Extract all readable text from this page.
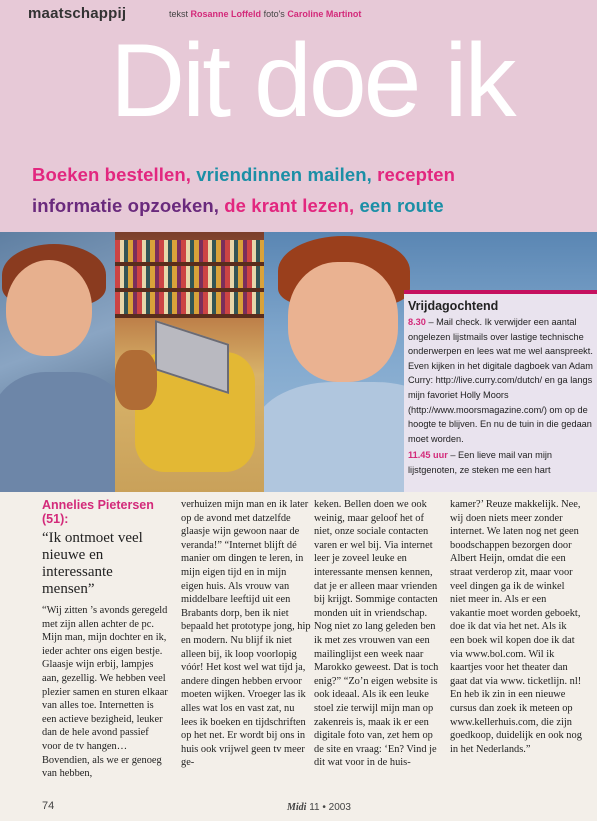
maatschappij	tekst Rosanne Loffeld foto's Caroline Martinot
Dit doe ik
Boeken bestellen, vriendinnen mailen, recepten
informatie opzoeken, de krant lezen, een route
Vrijdagochtend

8.30 – Mail check. Ik verwijder een aantal ongelezen lijstmails over lastige technische onderwerpen en lees wat me wel aanspreekt. Even kijken in het digitale dagboek van Adam Curry: http://live.curry.com/dutch/ en ga langs mijn favoriet Holly Moors (http://www.moorsmagazine.com/) om op de hoogte te blijven. En nu de tuin in die gedaan moet worden.

11.45 uur – Een lieve mail van mijn lijstgenoten, ze steken me een hart

Annelies Pietersen (51):

“Ik ontmoet veel nieuwe en interessante mensen”

“Wij zitten ’s avonds geregeld met zijn allen achter de pc. Mijn man, mijn dochter en ik, ieder achter ons eigen bestje. Glaasje wijn erbij, lampjes aan, gezellig. We hebben veel plezier samen en sturen elkaar van alles toe. Internetten is een actieve bezigheid, leuker dan de hele avond passief voor de tv hangen… Bovendien, als we er genoeg van hebben,

verhuizen mijn man en ik later op de avond met datzelfde glaasje wijn gewoon naar de veranda!” “Internet blijft dé manier om dingen te leren, in mijn eigen tijd en in mijn eigen huis. Als vrouw van middelbare leeftijd uit een Brabants dorp, ben ik niet bepaald het prototype jong, hip en modern. Nu blijf ik niet alleen bij, ik loop voorlopig vóór! Het kost wel wat tijd ja, andere dingen hebben ervoor moeten wijken. Vroeger las ik alles wat los en vast zat, nu lees ik boeken en tijdschriften op het net. Er wordt bij ons in huis ook vrijwel geen tv meer ge-

keken. Bellen doen we ook weinig, maar geloof het of niet, onze sociale contacten varen er wel bij. Via internet leer je zoveel leuke en interessante mensen kennen, dat je er alleen maar vrienden bij krijgt. Sommige contacten monden uit in vriendschap. Nog niet zo lang geleden ben ik met zes vrouwen van een mailinglijst een week naar Marokko geweest. Dat is toch enig?” “Zo’n eigen website is ook ideaal. Als ik een leuke stoel zie terwijl mijn man op zakenreis is, maak ik er een digitale foto van, zet hem op de site en vraag: ‘En? Vind je dit wat voor in de huis-

kamer?’ Reuze makkelijk. Nee, wij doen niets meer zonder internet. We laten nog net geen boodschappen bezorgen door Albert Heijn, omdat die een straat verderop zit, maar voor veel dingen ga ik de winkel niet meer in. Als er een vakantie moet worden geboekt, doe ik dat via het net. Als ik een boek wil kopen doe ik dat via www.bol.com. Wil ik kaartjes voor het theater dan gaat dat via www. ticketlijn. nl! En heb ik zin in een nieuwe cursus dan zoek ik meteen op www.kellerhuis.com, die zijn goedkoop, duidelijk en ook nog in het Nederlands.”

74	Midi 11 • 2003
